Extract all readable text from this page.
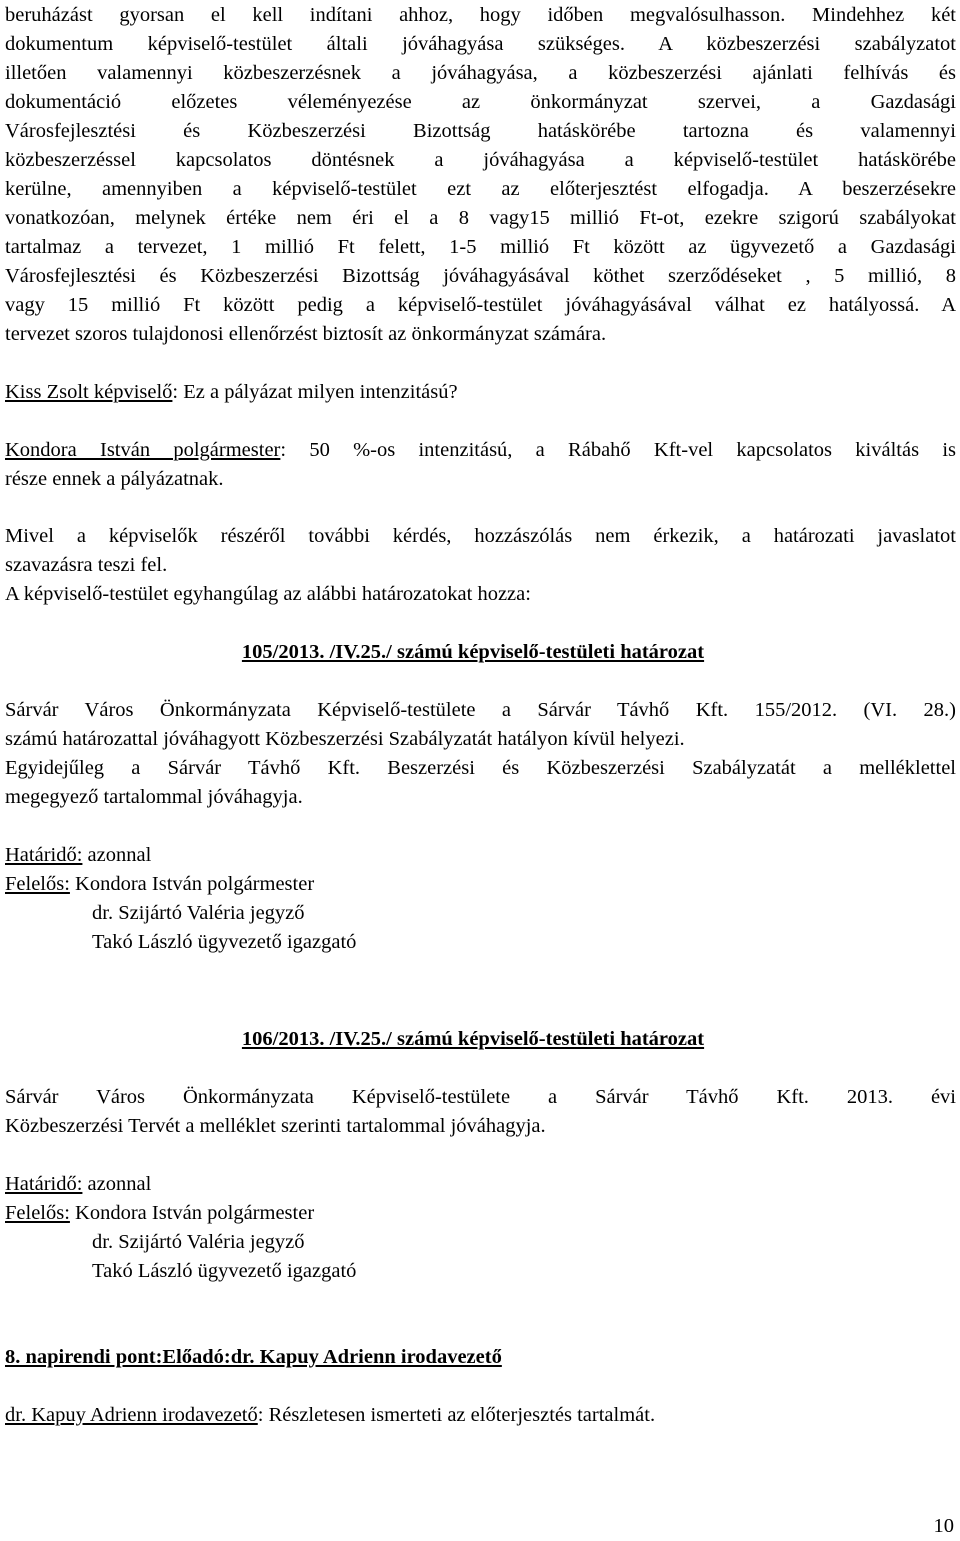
beruházást gyorsan el kell indítani ahhoz, hogy időben megvalósulhasson. Mindehhez két

dokumentum képviselő-testület általi jóváhagyása szükséges. A közbeszerzési szabályzatot

illetően valamennyi közbeszerzésnek a jóváhagyása, a közbeszerzési ajánlati felhívás és

dokumentáció előzetes véleményezése az önkormányzat szervei, a Gazdasági

Városfejlesztési és Közbeszerzési Bizottság hatáskörébe tartozna és valamennyi

közbeszerzéssel kapcsolatos döntésnek a jóváhagyása a képviselő-testület hatáskörébe

kerülne, amennyiben a képviselő-testület ezt az előterjesztést elfogadja. A beszerzésekre

vonatkozóan, melynek értéke nem éri el a 8 vagy15 millió Ft-ot, ezekre szigorú szabályokat

tartalmaz a tervezet, 1 millió Ft felett, 1-5 millió Ft között az ügyvezető a Gazdasági

Városfejlesztési és Közbeszerzési Bizottság jóváhagyásával köthet szerződéseket , 5 millió, 8

vagy 15 millió Ft között pedig a képviselő-testület jóváhagyásával válhat ez hatályossá. A

tervezet szoros tulajdonosi ellenőrzést biztosít az önkormányzat számára.

Kiss Zsolt képviselő: Ez a pályázat milyen intenzitású?

Kondora István polgármester: 50 %-os intenzitású, a Rábahő Kft-vel kapcsolatos kiváltás is

része ennek a pályázatnak.

Mivel a képviselők részéről további kérdés, hozzászólás nem érkezik, a határozati javaslatot

szavazásra teszi fel.

A képviselő-testület egyhangúlag az alábbi határozatokat hozza:

105/2013. /IV.25./ számú képviselő-testületi határozat

Sárvár Város Önkormányzata Képviselő-testülete a Sárvár Távhő Kft. 155/2012. (VI. 28.)

számú határozattal jóváhagyott Közbeszerzési Szabályzatát hatályon kívül helyezi.

Egyidejűleg a Sárvár Távhő Kft. Beszerzési és Közbeszerzési Szabályzatát a melléklettel

megegyező tartalommal jóváhagyja.

Határidő: azonnal

Felelős: Kondora István polgármester

dr. Szijártó Valéria jegyző

Takó László ügyvezető igazgató

106/2013. /IV.25./ számú képviselő-testületi határozat

Sárvár Város Önkormányzata Képviselő-testülete a Sárvár Távhő Kft. 2013. évi

Közbeszerzési Tervét a melléklet szerinti tartalommal jóváhagyja.

Határidő: azonnal

Felelős: Kondora István polgármester

dr. Szijártó Valéria jegyző

Takó László ügyvezető igazgató

8. napirendi pont:Előadó:dr. Kapuy Adrienn irodavezető

dr. Kapuy Adrienn irodavezető: Részletesen ismerteti az előterjesztés tartalmát.

10
